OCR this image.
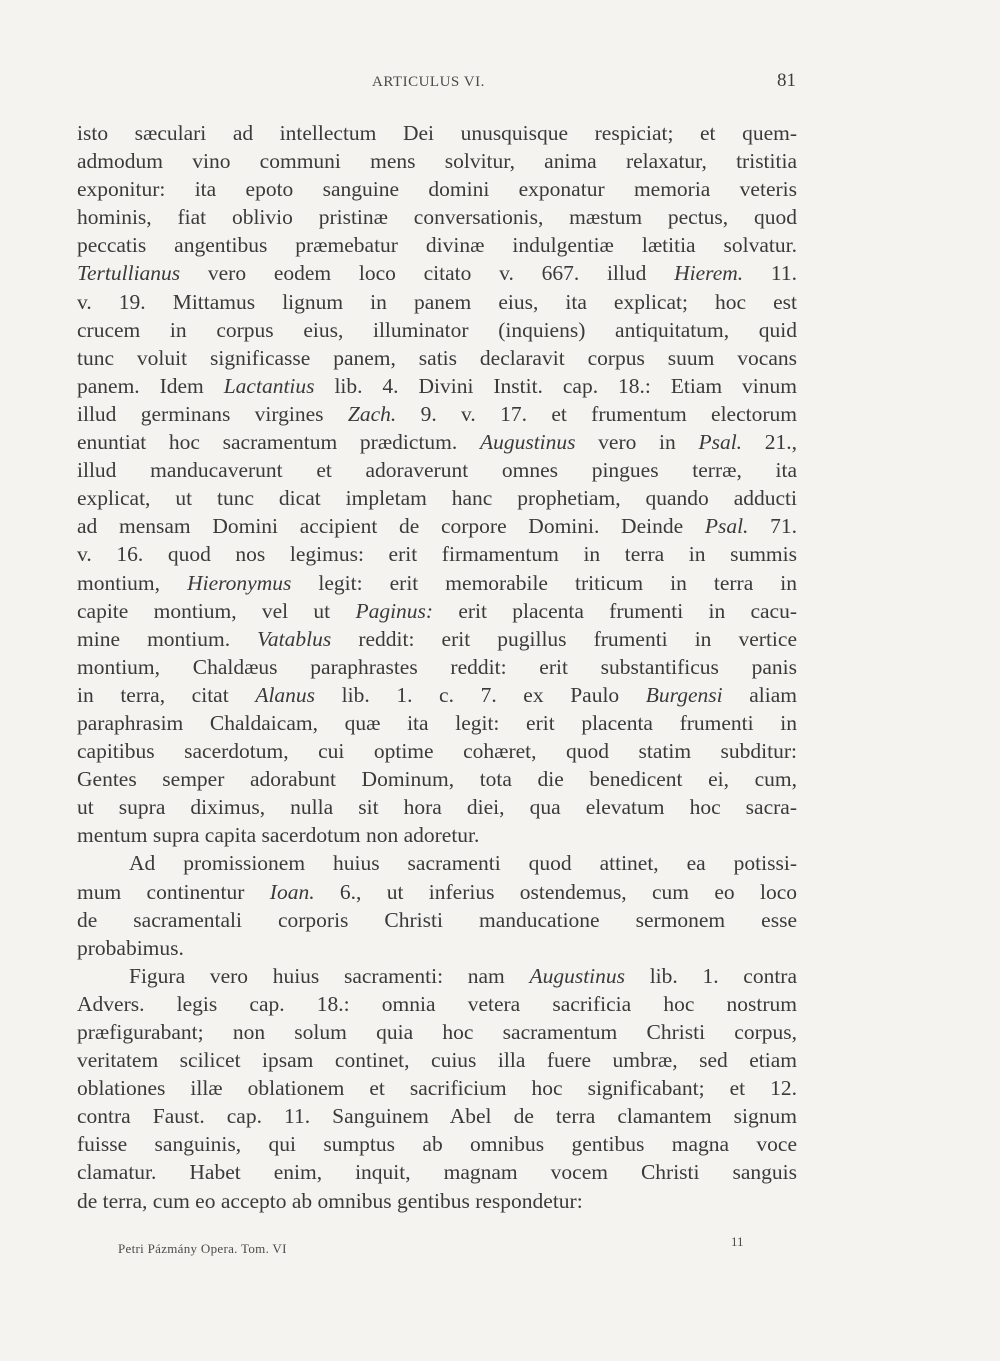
ARTICULUS VI.	81
isto sæculari ad intellectum Dei unusquisque respiciat; et quem-
admodum vino communi mens solvitur, anima relaxatur, tristitia
exponitur: ita epoto sanguine domini exponatur memoria veteris
hominis, fiat oblivio pristinæ conversationis, mæstum pectus, quod
peccatis angentibus præmebatur divinæ indulgentiæ lætitia solvatur.
Tertullianus vero eodem loco citato v. 667. illud Hierem. 11.
v. 19. Mittamus lignum in panem eius, ita explicat; hoc est
crucem in corpus eius, illuminator (inquiens) antiquitatum, quid
tunc voluit significasse panem, satis declaravit corpus suum vocans
panem. Idem Lactantius lib. 4. Divini Instit. cap. 18.: Etiam vinum
illud germinans virgines Zach. 9. v. 17. et frumentum electorum
enuntiat hoc sacramentum prædictum. Augustinus vero in Psal. 21.,
illud manducaverunt et adoraverunt omnes pingues terræ, ita
explicat, ut tunc dicat impletam hanc prophetiam, quando adducti
ad mensam Domini accipient de corpore Domini. Deinde Psal. 71.
v. 16. quod nos legimus: erit firmamentum in terra in summis
montium, Hieronymus legit: erit memorabile triticum in terra in
capite montium, vel ut Paginus: erit placenta frumenti in cacu-
mine montium. Vatablus reddit: erit pugillus frumenti in vertice
montium, Chaldæus paraphrastes reddit: erit substantificus panis
in terra, citat Alanus lib. 1. c. 7. ex Paulo Burgensi aliam
paraphrasim Chaldaicam, quæ ita legit: erit placenta frumenti in
capitibus sacerdotum, cui optime cohæret, quod statim subditur:
Gentes semper adorabunt Dominum, tota die benedicent ei, cum,
ut supra diximus, nulla sit hora diei, qua elevatum hoc sacra-
mentum supra capita sacerdotum non adoretur.
Ad promissionem huius sacramenti quod attinet, ea potissi-
mum continentur Ioan. 6., ut inferius ostendemus, cum eo loco
de sacramentali corporis Christi manducatione sermonem esse
probabimus.
Figura vero huius sacramenti: nam Augustinus lib. 1. contra
Advers. legis cap. 18.: omnia vetera sacrificia hoc nostrum
præfigurabant; non solum quia hoc sacramentum Christi corpus,
veritatem scilicet ipsam continet, cuius illa fuere umbræ, sed etiam
oblationes illæ oblationem et sacrificium hoc significabant; et 12.
contra Faust. cap. 11. Sanguinem Abel de terra clamantem signum
fuisse sanguinis, qui sumptus ab omnibus gentibus magna voce
clamatur. Habet enim, inquit, magnam vocem Christi sanguis
de terra, cum eo accepto ab omnibus gentibus respondetur:
Petri Pázmány Opera. Tom. VI	11
